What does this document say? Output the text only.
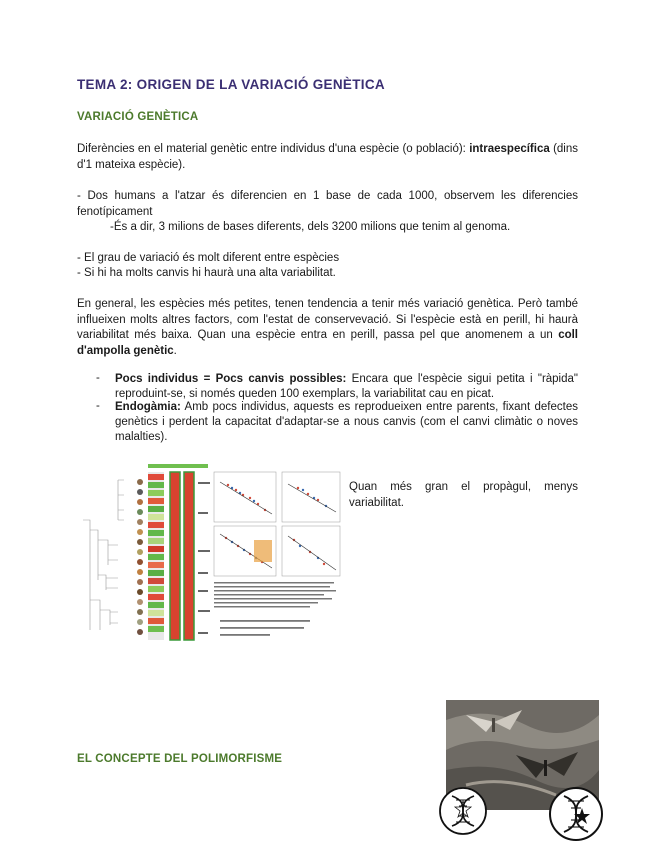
TEMA 2: ORIGEN DE LA VARIACIÓ GENÈTICA
VARIACIÓ GENÈTICA
Diferències en el material genètic entre individus d'una espècie (o població): intraespecífica (dins d'1 mateixa espècie).
- Dos humans a l'atzar és diferencien en 1 base de cada 1000, observem les diferencies fenotípicament
-És a dir, 3 milions de bases diferents, dels 3200 milions que tenim al genoma.
- El grau de variació és molt diferent entre espècies
- Si hi ha molts canvis hi haurà una alta variabilitat.
En general, les espècies més petites, tenen tendencia a tenir més variació genètica. Però també influeixen molts altres factors, com l'estat de conservevació. Si l'espècie està en perill, hi haurà variabilitat més baixa. Quan una espècie entra en perill, passa pel que anomenem a un coll d'ampolla genètic.
- Pocs individus = Pocs canvis possibles: Encara que l'espècie sigui petita i "ràpida" reproduint-se, si només queden 100 exemplars, la variabilitat cau en picat.
- Endogàmia: Amb pocs individus, aquests es reprodueixen entre parents, fixant defectes genètics i perdent la capacitat d'adaptar-se a nous canvis (com el canvi climàtic o noves malalties).
Quan més gran el propàgul, menys variabilitat.
EL CONCEPTE DEL POLIMORFISME
